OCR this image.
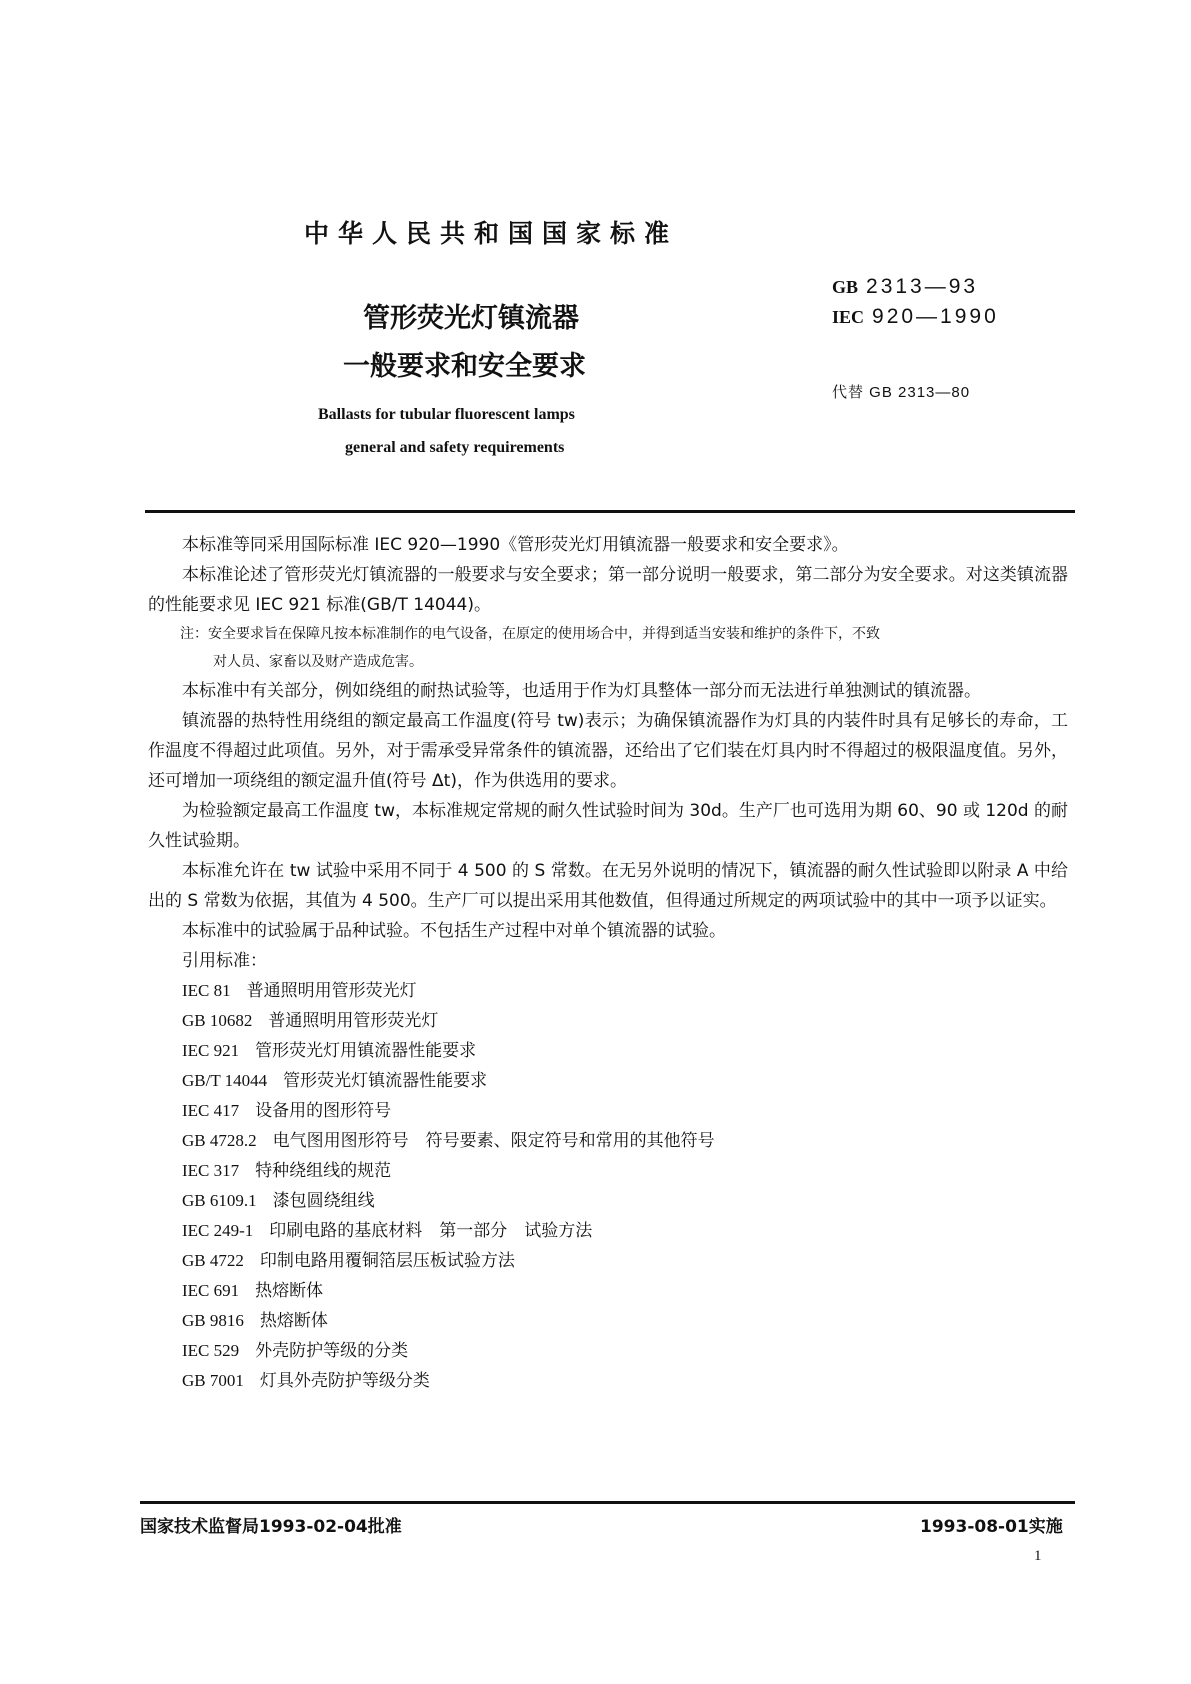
中华人民共和国国家标准
管形荧光灯镇流器
一般要求和安全要求
Ballasts for tubular fluorescent lamps
general and safety requirements
GB 2313—93
IEC 920—1990
代替 GB 2313—80

本标准等同采用国际标准 IEC 920—1990《管形荧光灯用镇流器一般要求和安全要求》。

本标准论述了管形荧光灯镇流器的一般要求与安全要求；第一部分说明一般要求，第二部分为安全要求。对这类镇流器的性能要求见 IEC 921 标准(GB/T 14044)。

注：安全要求旨在保障凡按本标准制作的电气设备，在原定的使用场合中，并得到适当安装和维护的条件下，不致
对人员、家畜以及财产造成危害。

本标准中有关部分，例如绕组的耐热试验等，也适用于作为灯具整体一部分而无法进行单独测试的镇流器。

镇流器的热特性用绕组的额定最高工作温度(符号 tw)表示；为确保镇流器作为灯具的内装件时具有足够长的寿命，工作温度不得超过此项值。另外，对于需承受异常条件的镇流器，还给出了它们装在灯具内时不得超过的极限温度值。另外，还可增加一项绕组的额定温升值(符号 Δt)，作为供选用的要求。

为检验额定最高工作温度 tw，本标准规定常规的耐久性试验时间为 30d。生产厂也可选用为期 60、90 或 120d 的耐久性试验期。

本标准允许在 tw 试验中采用不同于 4 500 的 S 常数。在无另外说明的情况下，镇流器的耐久性试验即以附录 A 中给出的 S 常数为依据，其值为 4 500。生产厂可以提出采用其他数值，但得通过所规定的两项试验中的其中一项予以证实。

本标准中的试验属于品种试验。不包括生产过程中对单个镇流器的试验。

引用标准：

IEC 81 普通照明用管形荧光灯

GB 10682 普通照明用管形荧光灯

IEC 921 管形荧光灯用镇流器性能要求

GB/T 14044 管形荧光灯镇流器性能要求

IEC 417 设备用的图形符号

GB 4728.2 电气图用图形符号　符号要素、限定符号和常用的其他符号

IEC 317 特种绕组线的规范

GB 6109.1 漆包圆绕组线

IEC 249-1 印刷电路的基底材料　第一部分　试验方法

GB 4722 印制电路用覆铜箔层压板试验方法

IEC 691 热熔断体

GB 9816 热熔断体

IEC 529 外壳防护等级的分类

GB 7001 灯具外壳防护等级分类

国家技术监督局1993-02-04批准	1993-08-01实施
1
